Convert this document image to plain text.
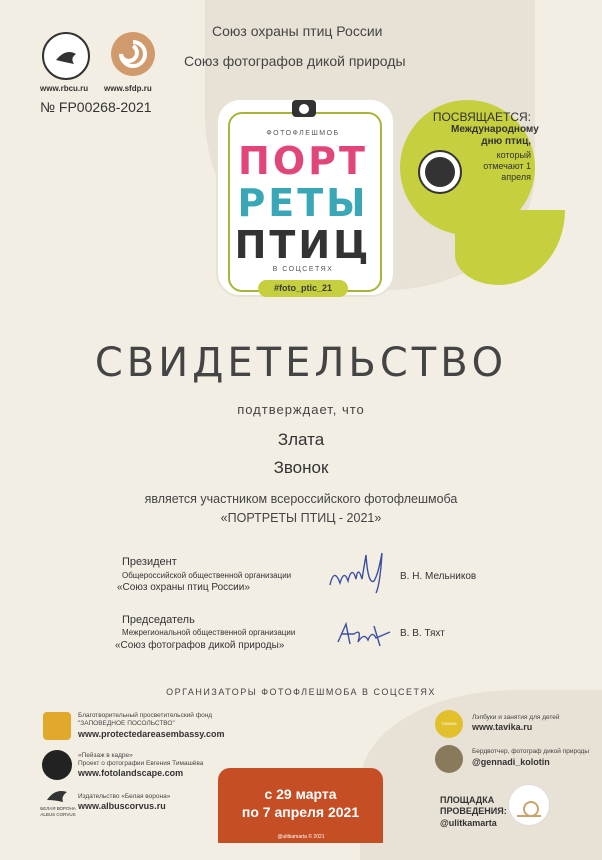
www.rbcu.ru www.sfdp.ru
№ FP00268-2021
Союз охраны птиц России
Союз фотографов дикой природы
ПОСВЯЩАЕТСЯ:
Международному дню птиц,
который отмечают 1 апреля
ФОТОФЛЕШМОБ
ПОРТ
РЕТЫ
ПТИЦ
В СОЦСЕТЯХ
#foto_ptic_21
СВИДЕТЕЛЬСТВО
подтверждает, что
Злата
Звонок
является участником всероссийского фотофлешмоба
«ПОРТРЕТЫ ПТИЦ - 2021»
Президент
Общероссийской общественной организации
«Союз охраны птиц России»
В. Н. Мельников
Председатель
Межрегиональной общественной организации
«Союз фотографов дикой природы»
В. В. Тяхт
ОРГАНИЗАТОРЫ ФОТОФЛЕШМОБА В СОЦСЕТЯХ
Благотворительный просветительский фонд
"ЗАПОВЕДНОЕ ПОСОЛЬСТВО"
www.protectedareasembassy.com
«Пейзаж в кадре»
Проект о фотографии Евгения Тимашёва
www.fotolandscape.com
БЕЛАЯ ВОРОНА ALBUS CORVUS
Издательство «Белая ворона»
www.albuscorvus.ru
с 29 марта
по 7 апреля 2021
@ulitkamarta © 2021
ТАВИКА
Лэпбуки и занятия для детей
www.tavika.ru
Бердвотчер, фотограф дикой природы
@gennadi_kolotin
ПЛОЩАДКА ПРОВЕДЕНИЯ:
@ulitkamarta
